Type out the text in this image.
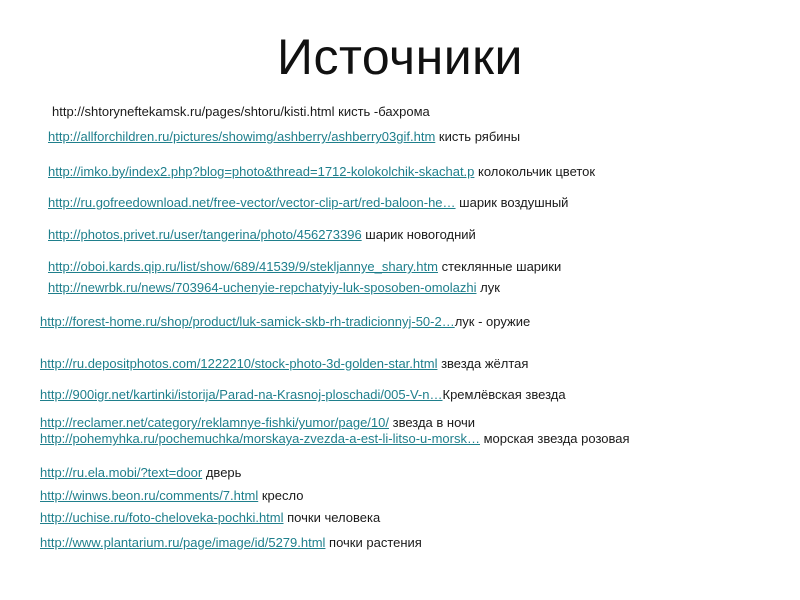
Источники
http://shtoryneftekamsk.ru/pages/shtoru/kisti.html кисть -бахрома
http://allforchildren.ru/pictures/showimg/ashberry/ashberry03gif.htm кисть рябины
http://imko.by/index2.php?blog=photo&thread=1712-kolokolchik-skachat.p колокольчик цветок
http://ru.gofreedownload.net/free-vector/vector-clip-art/red-baloon-he… шарик воздушный
http://photos.privet.ru/user/tangerina/photo/456273396 шарик новогодний
http://oboi.kards.qip.ru/list/show/689/41539/9/stekljannye_shary.htm стеклянные шарики
http://newrbk.ru/news/703964-uchenyie-repchatyiy-luk-sposoben-omolazhi лук
http://forest-home.ru/shop/product/luk-samick-skb-rh-tradicionnyj-50-2…лук - оружие
http://ru.depositphotos.com/1222210/stock-photo-3d-golden-star.html звезда жёлтая
http://900igr.net/kartinki/istorija/Parad-na-Krasnoj-ploschadi/005-V-n…Кремлёвская звезда
http://reclamer.net/category/reklamnye-fishki/yumor/page/10/ звезда в ночи
http://pohemyhka.ru/pochemuchka/morskaya-zvezda-a-est-li-litso-u-morsk… морская звезда розовая
http://ru.ela.mobi/?text=door дверь
http://winws.beon.ru/comments/7.html кресло
http://uchise.ru/foto-cheloveka-pochki.html почки человека
http://www.plantarium.ru/page/image/id/5279.html почки растения
